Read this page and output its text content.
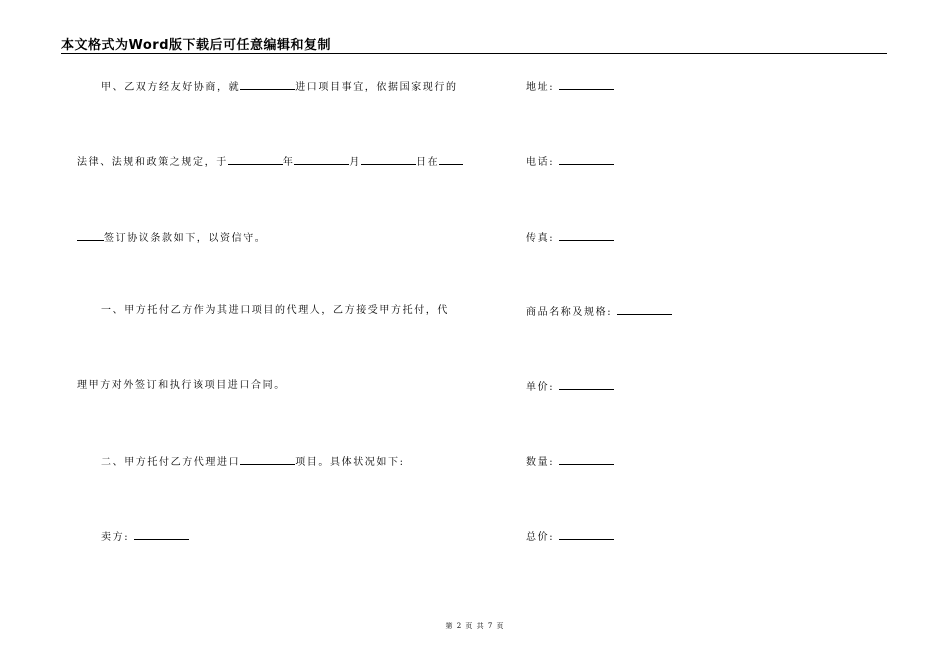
本文格式为Word版下载后可任意编辑和复制
甲、乙双方经友好协商，就	进口项目事宜，依据国家现行的
法律、法规和政策之规定，于	年	月	日在
签订协议条款如下，以资信守。
一、甲方托付乙方作为其进口项目的代理人，乙方接受甲方托付，代
理甲方对外签订和执行该项目进口合同。
二、甲方托付乙方代理进口	项目。具体状况如下:
卖方:
地址:
电话:
传真:
商品名称及规格:
单价:
数量:
总价:
第 2 页 共 7 页
